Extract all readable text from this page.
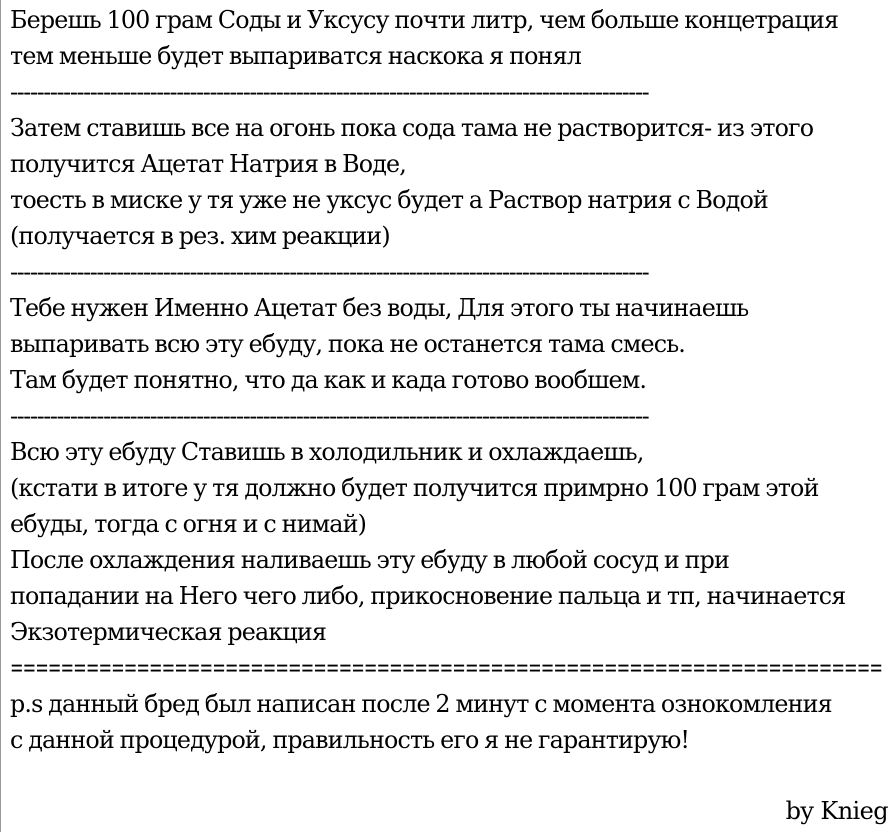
Берешь 100 грам Соды и Уксусу почти литр, чем больше концетрация
тем меньше будет выпариватся наскока я понял
------------------------------------------------------------------------------------------------
Затем ставишь все на огонь пока сода тама не растворится- из этого
получится Ацетат Натрия в Воде,
тоесть в миске у тя уже не уксус будет а Раствор натрия с Водой
(получается в рез. хим реакции)
------------------------------------------------------------------------------------------------
Тебе нужен Именно Ацетат без воды, Для этого ты начинаешь
выпаривать всю эту ебуду, пока не останется тама смесь.
Там будет понятно, что да как и када готово вообшем.
------------------------------------------------------------------------------------------------
Всю эту ебуду Ставишь в холодильник и охлаждаешь,
(кстати в итоге у тя должно будет получится примрно 100 грам этой
ебуды, тогда с огня и с нимай)
После охлаждения наливаешь эту ебуду в любой сосуд и при
попадании на Него чего либо, прикосновение пальца и тп, начинается
Экзотермическая реакция
=====================================================================
p.s данный бред был написан после 2 минут с момента ознокомления
с данной процедурой, правильность его я не гарантирую!
by Knieg
